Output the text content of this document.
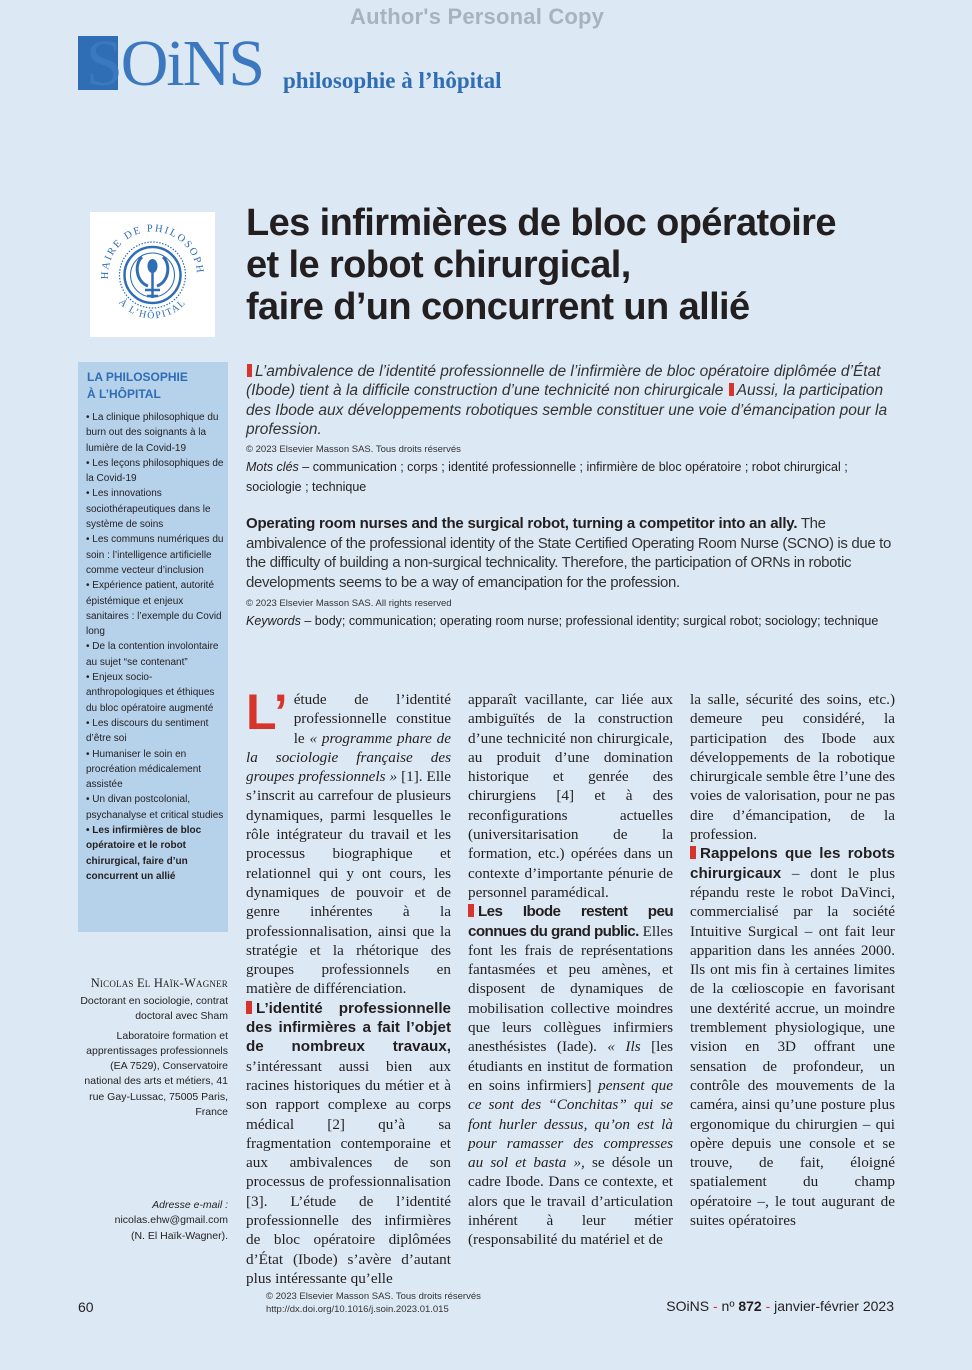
Author's Personal Copy
SOiNS philosophie à l’hôpital
HAIRE DE PHILOSOPH
À L’HÔPITAL
Les infirmières de bloc opératoire
et le robot chirurgical,
faire d’un concurrent un allié
LA PHILOSOPHIE
À L’HÔPITAL
• La clinique philosophique du burn out des soignants à la lumière de la Covid-19
• Les leçons philosophiques de la Covid-19
• Les innovations sociothérapeutiques dans le système de soins
• Les communs numériques du soin : l’intelligence artificielle comme vecteur d’inclusion
• Expérience patient, autorité épistémique et enjeux sanitaires : l’exemple du Covid long
• De la contention involontaire au sujet “se contenant”
• Enjeux socio-anthropologiques et éthiques du bloc opératoire augmenté
• Les discours du sentiment d’être soi
• Humaniser le soin en procréation médicalement assistée
• Un divan postcolonial, psychanalyse et critical studies
• Les infirmières de bloc opératoire et le robot chirurgical, faire d’un concurrent un allié
Nicolas El Haïk-Wagner
Doctorant en sociologie, contrat doctoral avec Sham
Laboratoire formation et apprentissages professionnels (EA 7529), Conservatoire national des arts et métiers, 41 rue Gay-Lussac, 75005 Paris, France
Adresse e-mail :
nicolas.ehw@gmail.com
(N. El Haïk-Wagner).
L’ambivalence de l’identité professionnelle de l’infirmière de bloc opératoire diplômée d’État (Ibode) tient à la difficile construction d’une technicité non chirurgicale Aussi, la participation des Ibode aux développements robotiques semble constituer une voie d’émancipation pour la profession.
© 2023 Elsevier Masson SAS. Tous droits réservés
Mots clés – communication ; corps ; identité professionnelle ; infirmière de bloc opératoire ; robot chirurgical ; sociologie ; technique
Operating room nurses and the surgical robot, turning a competitor into an ally. The ambivalence of the professional identity of the State Certified Operating Room Nurse (SCNO) is due to the difficulty of building a non-surgical technicality. Therefore, the participation of ORNs in robotic developments seems to be a way of emancipation for the profession.
© 2023 Elsevier Masson SAS. All rights reserved
Keywords – body; communication; operating room nurse; professional identity; surgical robot; sociology; technique

L’ étude de l’identité professionnelle constitue le « programme phare de la sociologie française des groupes professionnels » [1]. Elle s’inscrit au carrefour de plusieurs dynamiques, parmi lesquelles le rôle intégrateur du travail et les processus biographique et relationnel qui y ont cours, les dynamiques de pouvoir et de genre inhérentes à la professionnalisation, ainsi que la stratégie et la rhétorique des groupes professionnels en matière de différenciation.

L’identité professionnelle des infirmières a fait l’objet de nombreux travaux, s’intéressant aussi bien aux racines historiques du métier et à son rapport complexe au corps médical [2] qu’à sa fragmentation contemporaine et aux ambivalences de son processus de professionnalisation [3]. L’étude de l’identité professionnelle des infirmières de bloc opératoire diplômées d’État (Ibode) s’avère d’autant plus intéressante qu’elle

apparaît vacillante, car liée aux ambiguïtés de la construction d’une technicité non chirurgicale, au produit d’une domination historique et genrée des chirurgiens [4] et à des reconfigurations actuelles (universitarisation de la formation, etc.) opérées dans un contexte d’importante pénurie de personnel paramédical.

Les Ibode restent peu connues du grand public. Elles font les frais de représentations fantasmées et peu amènes, et disposent de dynamiques de mobilisation collective moindres que leurs collègues infirmiers anesthésistes (Iade). « Ils [les étudiants en institut de formation en soins infirmiers] pensent que ce sont des “Conchitas” qui se font hurler dessus, qu’on est là pour ramasser des compresses au sol et basta », se désole un cadre Ibode. Dans ce contexte, et alors que le travail d’articulation inhérent à leur métier (responsabilité du matériel et de

la salle, sécurité des soins, etc.) demeure peu considéré, la participation des Ibode aux développements de la robotique chirurgicale semble être l’une des voies de valorisation, pour ne pas dire d’émancipation, de la profession.

Rappelons que les robots chirurgicaux – dont le plus répandu reste le robot DaVinci, commercialisé par la société Intuitive Surgical – ont fait leur apparition dans les années 2000. Ils ont mis fin à certaines limites de la cœlioscopie en favorisant une dextérité accrue, un moindre tremblement physiologique, une vision en 3D offrant une sensation de profondeur, un contrôle des mouvements de la caméra, ainsi qu’une posture plus ergonomique du chirurgien – qui opère depuis une console et se trouve, de fait, éloigné spatialement du champ opératoire –, le tout augurant de suites opératoires

60
© 2023 Elsevier Masson SAS. Tous droits réservés
http://dx.doi.org/10.1016/j.soin.2023.01.015	SOiNS - nº 872 - janvier-février 2023
